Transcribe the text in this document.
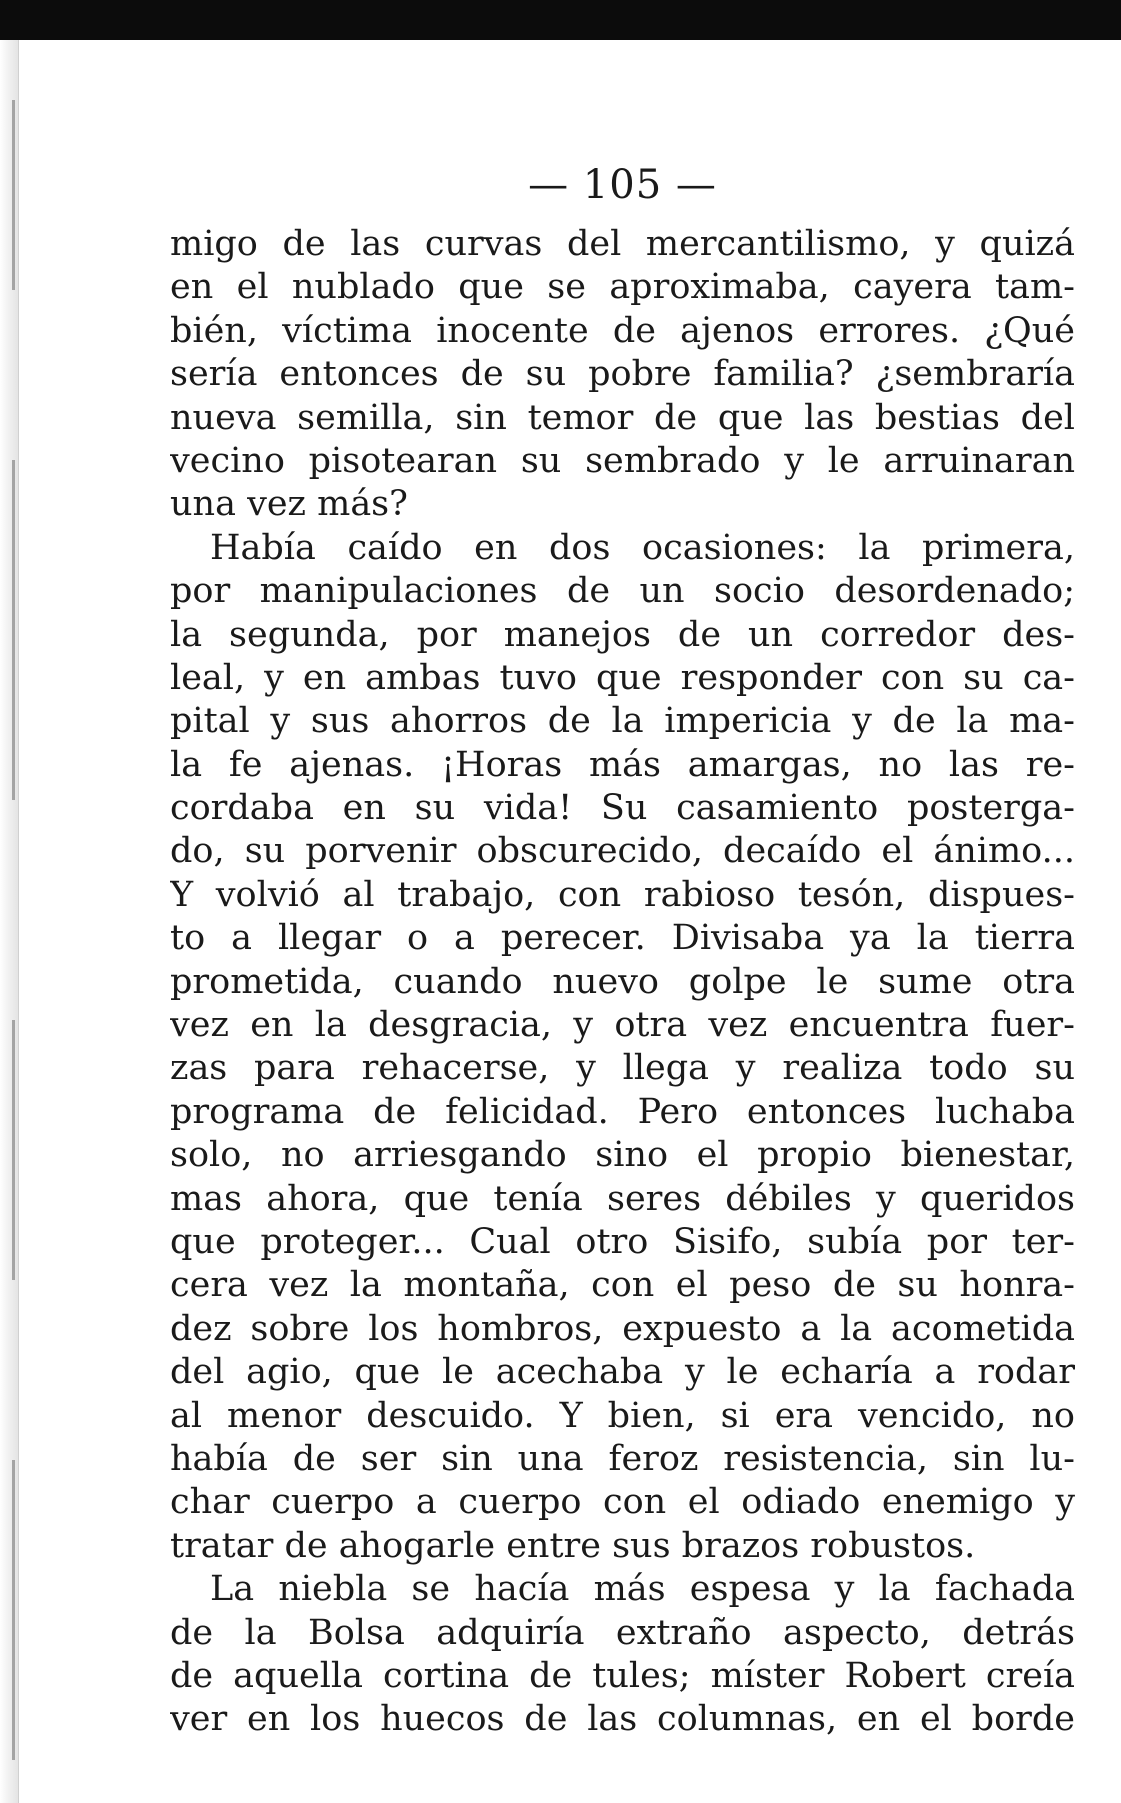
— 105 —
migo de las curvas del mercantilismo, y quizá
en el nublado que se aproximaba, cayera tam-
bién, víctima inocente de ajenos errores. ¿Qué
sería entonces de su pobre familia? ¿sembraría
nueva semilla, sin temor de que las bestias del
vecino pisotearan su sembrado y le arruinaran
una vez más?
Había caído en dos ocasiones: la primera,
por manipulaciones de un socio desordenado;
la segunda, por manejos de un corredor des-
leal, y en ambas tuvo que responder con su ca-
pital y sus ahorros de la impericia y de la ma-
la fe ajenas. ¡Horas más amargas, no las re-
cordaba en su vida! Su casamiento posterga-
do, su porvenir obscurecido, decaído el ánimo...
Y volvió al trabajo, con rabioso tesón, dispues-
to a llegar o a perecer. Divisaba ya la tierra
prometida, cuando nuevo golpe le sume otra
vez en la desgracia, y otra vez encuentra fuer-
zas para rehacerse, y llega y realiza todo su
programa de felicidad. Pero entonces luchaba
solo, no arriesgando sino el propio bienestar,
mas ahora, que tenía seres débiles y queridos
que proteger... Cual otro Sisifo, subía por ter-
cera vez la montaña, con el peso de su honra-
dez sobre los hombros, expuesto a la acometida
del agio, que le acechaba y le echaría a rodar
al menor descuido. Y bien, si era vencido, no
había de ser sin una feroz resistencia, sin lu-
char cuerpo a cuerpo con el odiado enemigo y
tratar de ahogarle entre sus brazos robustos.
La niebla se hacía más espesa y la fachada
de la Bolsa adquiría extraño aspecto, detrás
de aquella cortina de tules; míster Robert creía
ver en los huecos de las columnas, en el borde
